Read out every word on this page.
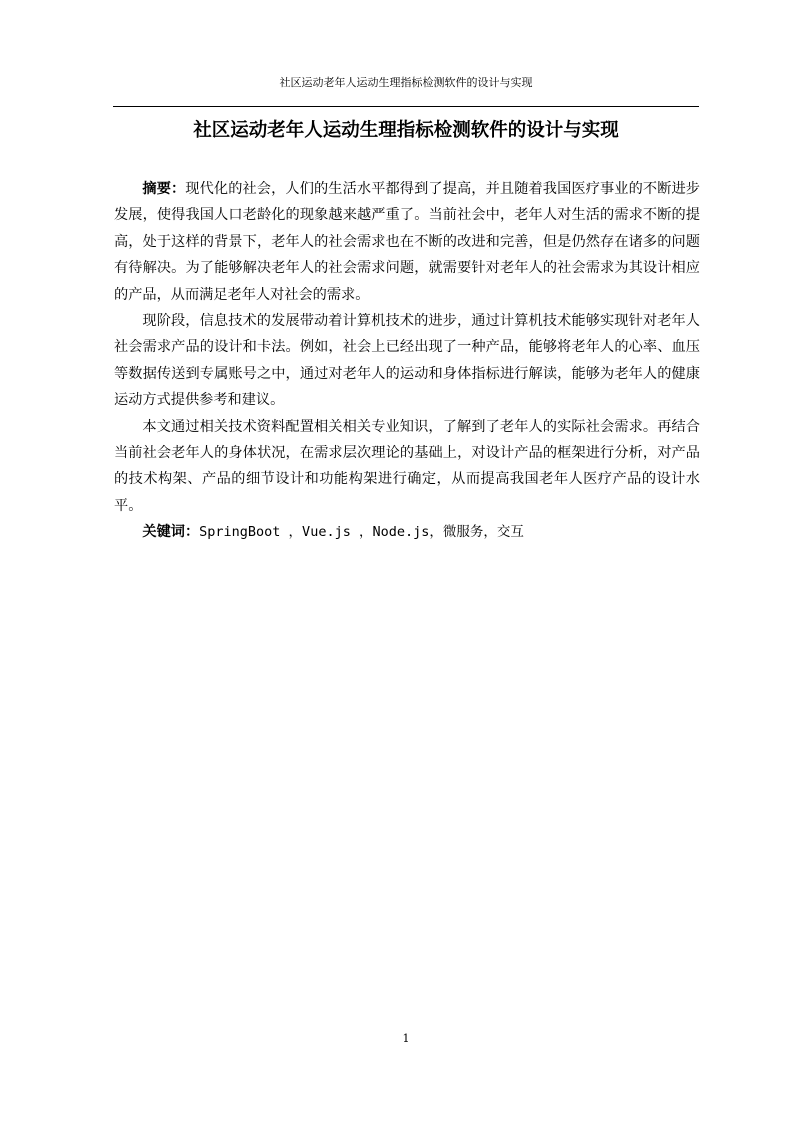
社区运动老年人运动生理指标检测软件的设计与实现
社区运动老年人运动生理指标检测软件的设计与实现

摘要：现代化的社会，人们的生活水平都得到了提高，并且随着我国医疗事业的不断进步发展，使得我国人口老龄化的现象越来越严重了。当前社会中，老年人对生活的需求不断的提高，处于这样的背景下，老年人的社会需求也在不断的改进和完善，但是仍然存在诸多的问题有待解决。为了能够解决老年人的社会需求问题，就需要针对老年人的社会需求为其设计相应的产品，从而满足老年人对社会的需求。

现阶段，信息技术的发展带动着计算机技术的进步，通过计算机技术能够实现针对老年人社会需求产品的设计和卡法。例如，社会上已经出现了一种产品，能够将老年人的心率、血压等数据传送到专属账号之中，通过对老年人的运动和身体指标进行解读，能够为老年人的健康运动方式提供参考和建议。

本文通过相关技术资料配置相关相关专业知识，了解到了老年人的实际社会需求。再结合当前社会老年人的身体状况，在需求层次理论的基础上，对设计产品的框架进行分析，对产品的技术构架、产品的细节设计和功能构架进行确定，从而提高我国老年人医疗产品的设计水平。

关键词：SpringBoot ，Vue.js ，Node.js，微服务，交互

1
